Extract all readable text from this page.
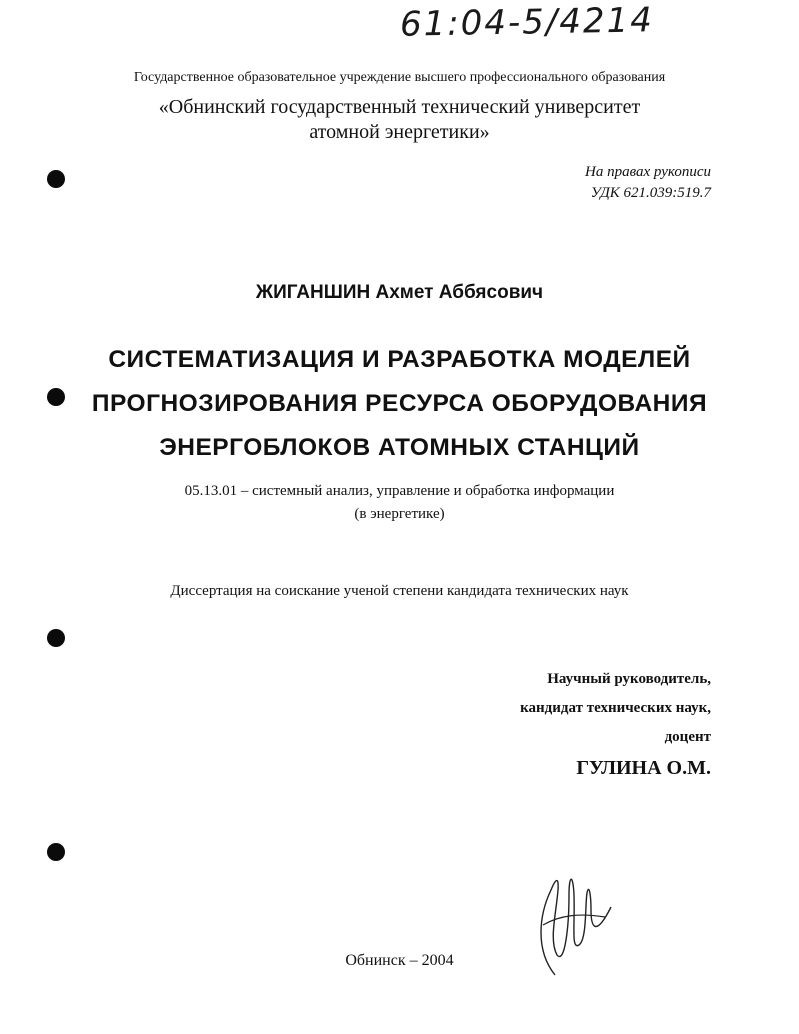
61:04-5/4214
Государственное образовательное учреждение высшего профессионального образования
«Обнинский государственный технический университет
атомной энергетики»
На правах рукописи
УДК 621.039:519.7
ЖИГАНШИН Ахмет Аббясович
СИСТЕМАТИЗАЦИЯ И РАЗРАБОТКА МОДЕЛЕЙ
ПРОГНОЗИРОВАНИЯ РЕСУРСА ОБОРУДОВАНИЯ
ЭНЕРГОБЛОКОВ АТОМНЫХ СТАНЦИЙ
05.13.01 – системный анализ, управление и обработка информации
(в энергетике)
Диссертация на соискание ученой степени кандидата технических наук
Научный руководитель,
кандидат технических наук,
доцент
ГУЛИНА О.М.
Обнинск – 2004
